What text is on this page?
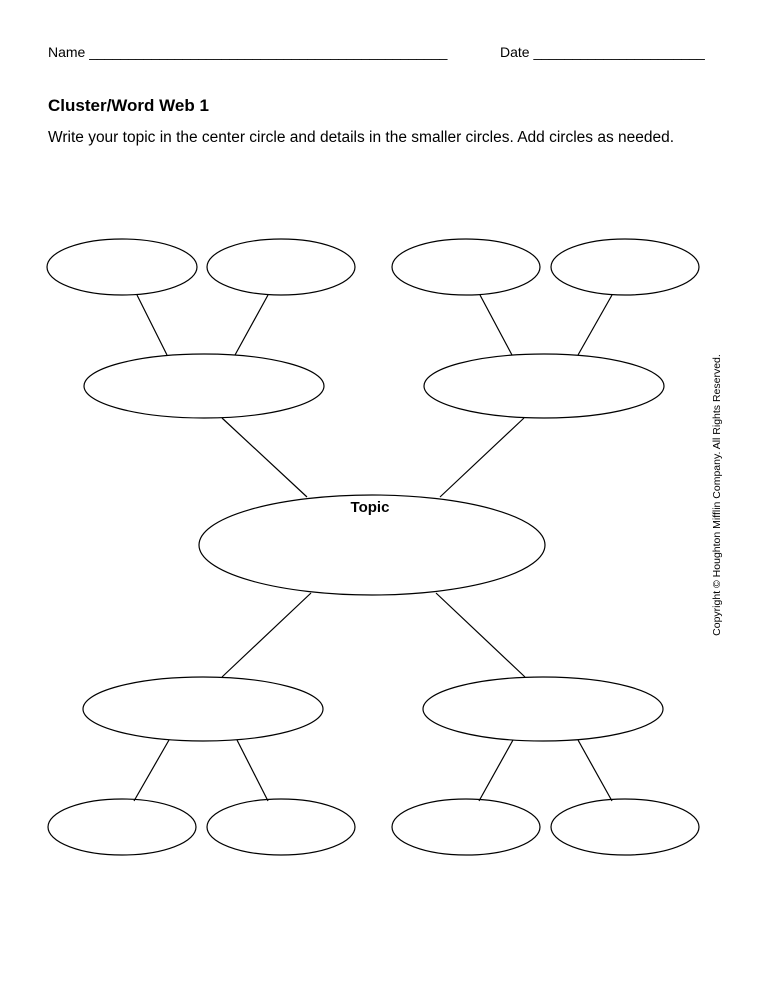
Name ______________________________________________	Date ______________________
Cluster/Word Web 1

Write your topic in the center circle and details in the smaller circles. Add circles as needed.

Topic	Copyright © Houghton Mifflin Company. All Rights Reserved.
